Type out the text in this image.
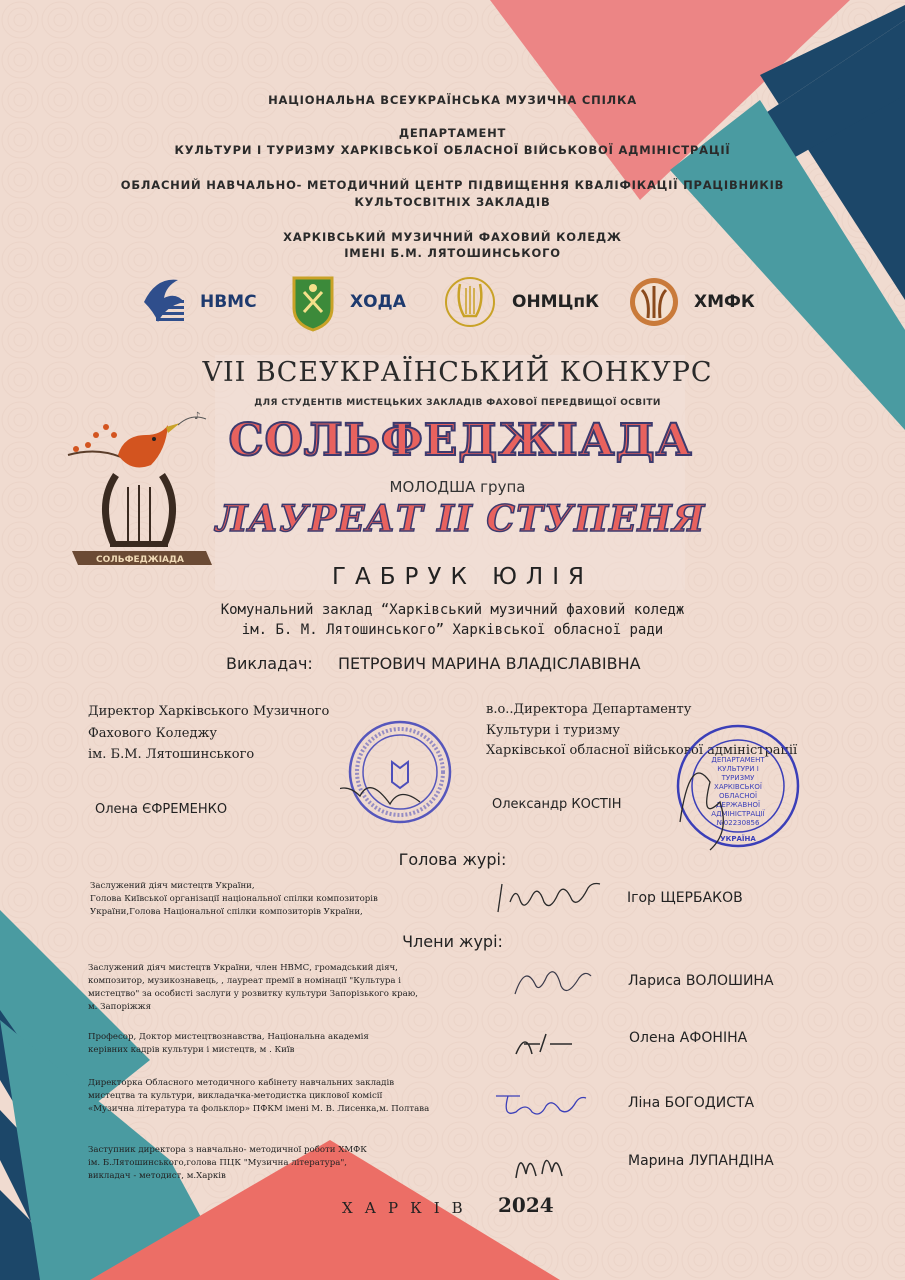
НАЦІОНАЛЬНА ВСЕУКРАЇНСЬКА МУЗИЧНА СПІЛКА
ДЕПАРТАМЕНТ
КУЛЬТУРИ І ТУРИЗМУ ХАРКІВСЬКОЇ ОБЛАСНОЇ ВІЙСЬКОВОЇ АДМІНІСТРАЦІЇ
ОБЛАСНИЙ НАВЧАЛЬНО- МЕТОДИЧНИЙ ЦЕНТР ПІДВИЩЕННЯ КВАЛІФІКАЦІЇ ПРАЦІВНИКІВ
КУЛЬТОСВІТНІХ ЗАКЛАДІВ
ХАРКІВСЬКИЙ МУЗИЧНИЙ ФАХОВИЙ КОЛЕДЖ
ІМЕНІ Б.М. ЛЯТОШИНСЬКОГО
НВМС	ХОДА	ОНМЦпК	ХМФК
♪
СОЛЬФЕДЖІАДА
VII ВСЕУКРАЇНСЬКИЙ КОНКУРС
ДЛЯ СТУДЕНТІВ МИСТЕЦЬКИХ ЗАКЛАДІВ ФАХОВОЇ ПЕРЕДВИЩОЇ ОСВІТИ
СОЛЬФЕДЖІАДА
МОЛОДША група
ЛАУРЕАТ ІІ СТУПЕНЯ
ГАБРУК ЮЛІЯ
Комунальний заклад “Харківський музичний фаховий коледж
ім. Б. М. Лятошинського” Харківської обласної ради
Викладач: ПЕТРОВИЧ МАРИНА ВЛАДІСЛАВІВНА
Директор Харківського Музичного
Фахового Коледжу
ім. Б.М. Лятошинського
Олена ЄФРЕМЕНКО
в.о..Директора Департаменту
Культури і туризму
Харківської обласної військової адміністрації
Олександр КОСТІН
ДЕПАРТАМЕНТ
КУЛЬТУРИ І
ТУРИЗМУ
ХАРКІВСЬКОЇ
ОБЛАСНОЇ
ДЕРЖАВНОЇ
АДМІНІСТРАЦІЇ
№02230856
УКРАЇНА
Голова журі:
Заслужений діяч мистецтв України,
Голова Київської організації національної спілки композиторів
України,Голова Національної спілки композиторів України,
Ігор ЩЕРБАКОВ
Члени журі:
Заслужений діяч мистецтв України, член НВМС, громадський діяч,
композитор, музикознавець, , лауреат премії в номінації "Культура і
мистецтво" за особисті заслуги у розвитку культури Запорізького краю,
м. Запоріжжя
Лариса ВОЛОШИНА
Професор, Доктор мистецтвознавства, Національна академія
керівних кадрів культури і мистецтв, м . Київ
Олена АФОНІНА
Директорка Обласного методичного кабінету навчальних закладів
мистецтва та культури, викладачка-методистка циклової комісії
«Музична література та фольклор» ПФКМ імені М. В. Лисенка,м. Полтава	Ліна БОГОДИСТА
Заступник директора з навчально- методичної роботи ХМФК
ім. Б.Лятошинського,голова ПЦК "Музична література",
викладач - методист, м.Харків
Марина ЛУПАНДІНА
ХАРКІВ 2024
